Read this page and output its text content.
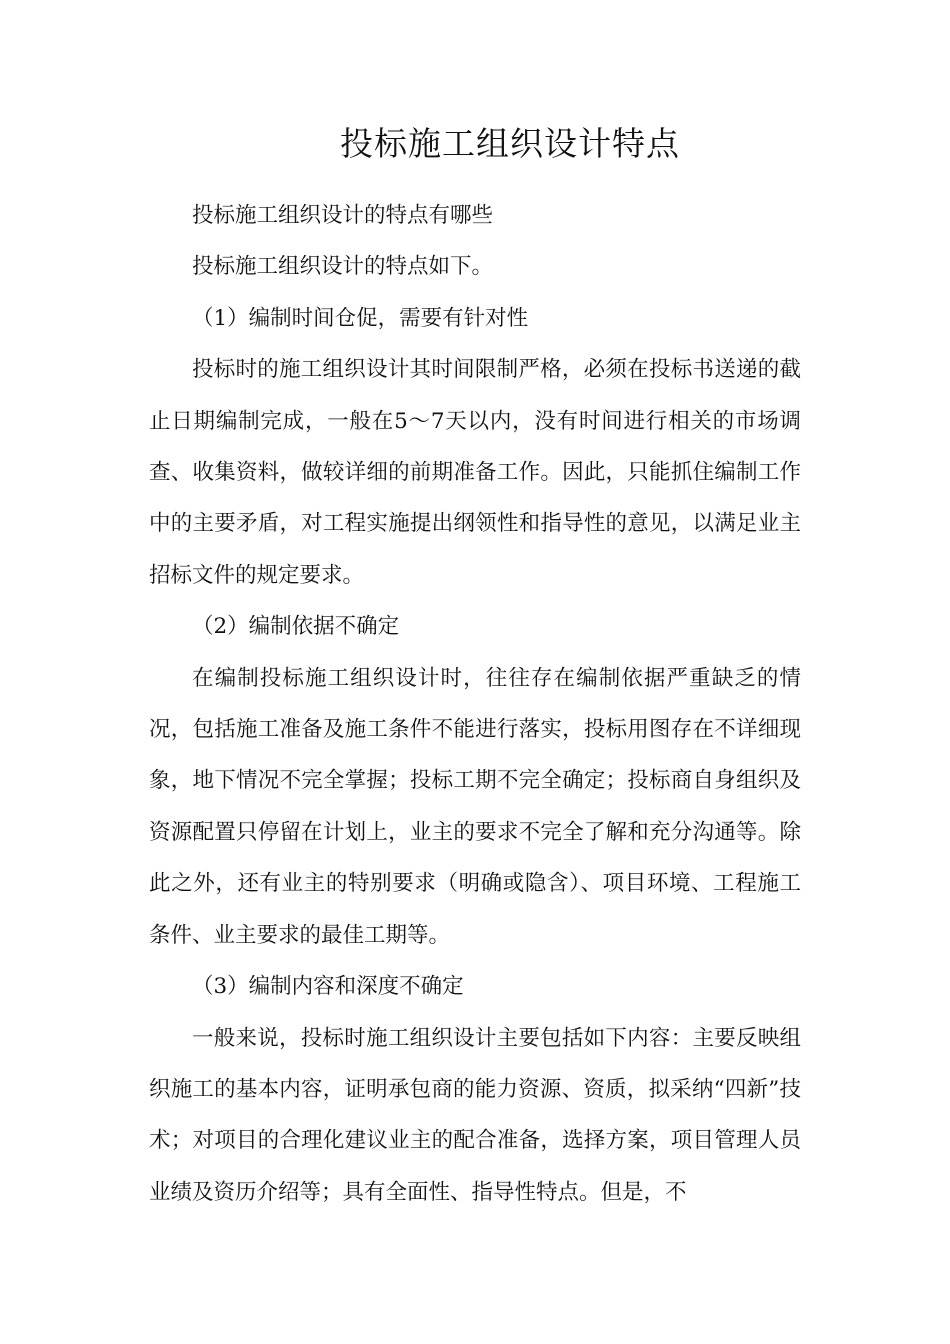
投标施工组织设计特点

投标施工组织设计的特点有哪些

投标施工组织设计的特点如下。

（1）编制时间仓促，需要有针对性

投标时的施工组织设计其时间限制严格，必须在投标书送递的截止日期编制完成，一般在5～7天以内，没有时间进行相关的市场调查、收集资料，做较详细的前期准备工作。因此，只能抓住编制工作中的主要矛盾，对工程实施提出纲领性和指导性的意见，以满足业主招标文件的规定要求。

（2）编制依据不确定

在编制投标施工组织设计时，往往存在编制依据严重缺乏的情况，包括施工准备及施工条件不能进行落实，投标用图存在不详细现象，地下情况不完全掌握；投标工期不完全确定；投标商自身组织及资源配置只停留在计划上，业主的要求不完全了解和充分沟通等。除此之外，还有业主的特别要求（明确或隐含）、项目环境、工程施工条件、业主要求的最佳工期等。

（3）编制内容和深度不确定

一般来说，投标时施工组织设计主要包括如下内容：主要反映组织施工的基本内容，证明承包商的能力资源、资质，拟采纳“四新”技术；对项目的合理化建议业主的配合准备，选择方案，项目管理人员业绩及资历介绍等；具有全面性、指导性特点。但是，不
